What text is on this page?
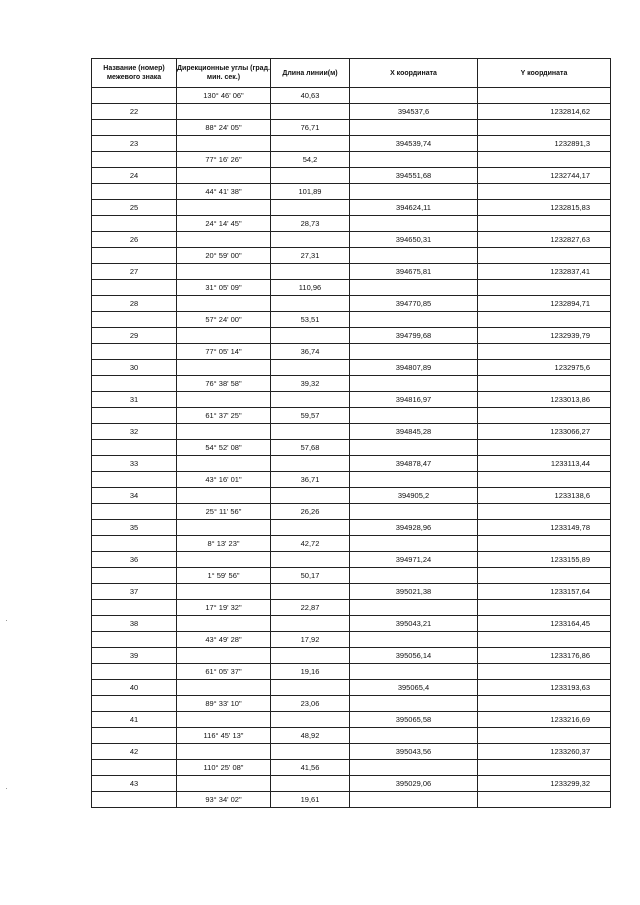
Название (номер) межевого знака	Дирекционные углы (град. мин. сек.)	Длина линии(м)	X координата	Y координата
	130° 46' 06"	40,63		
22			394537,6	1232814,62
	88° 24' 05"	76,71		
23			394539,74	1232891,3
	77° 16' 26"	54,2		
24			394551,68	1232744,17
	44° 41' 38"	101,89		
25			394624,11	1232815,83
	24° 14' 45"	28,73		
26			394650,31	1232827,63
	20° 59' 00"	27,31		
27			394675,81	1232837,41
	31° 05' 09"	110,96		
28			394770,85	1232894,71
	57° 24' 00"	53,51		
29			394799,68	1232939,79
	77° 05' 14"	36,74		
30			394807,89	1232975,6
	76° 38' 58"	39,32		
31			394816,97	1233013,86
	61° 37' 25"	59,57		
32			394845,28	1233066,27
	54° 52' 08"	57,68		
33			394878,47	1233113,44
	43° 16' 01"	36,71		
34			394905,2	1233138,6
	25° 11' 56"	26,26		
35			394928,96	1233149,78
	8° 13' 23"	42,72		
36			394971,24	1233155,89
	1° 59' 56"	50,17		
37			395021,38	1233157,64
	17° 19' 32"	22,87		
38			395043,21	1233164,45
	43° 49' 28"	17,92		
39			395056,14	1233176,86
	61° 05' 37"	19,16		
40			395065,4	1233193,63
	89° 33' 10"	23,06		
41			395065,58	1233216,69
	116° 45' 13"	48,92		
42			395043,56	1233260,37
	110° 25' 08"	41,56		
43			395029,06	1233299,32
	93° 34' 02"	19,61		
